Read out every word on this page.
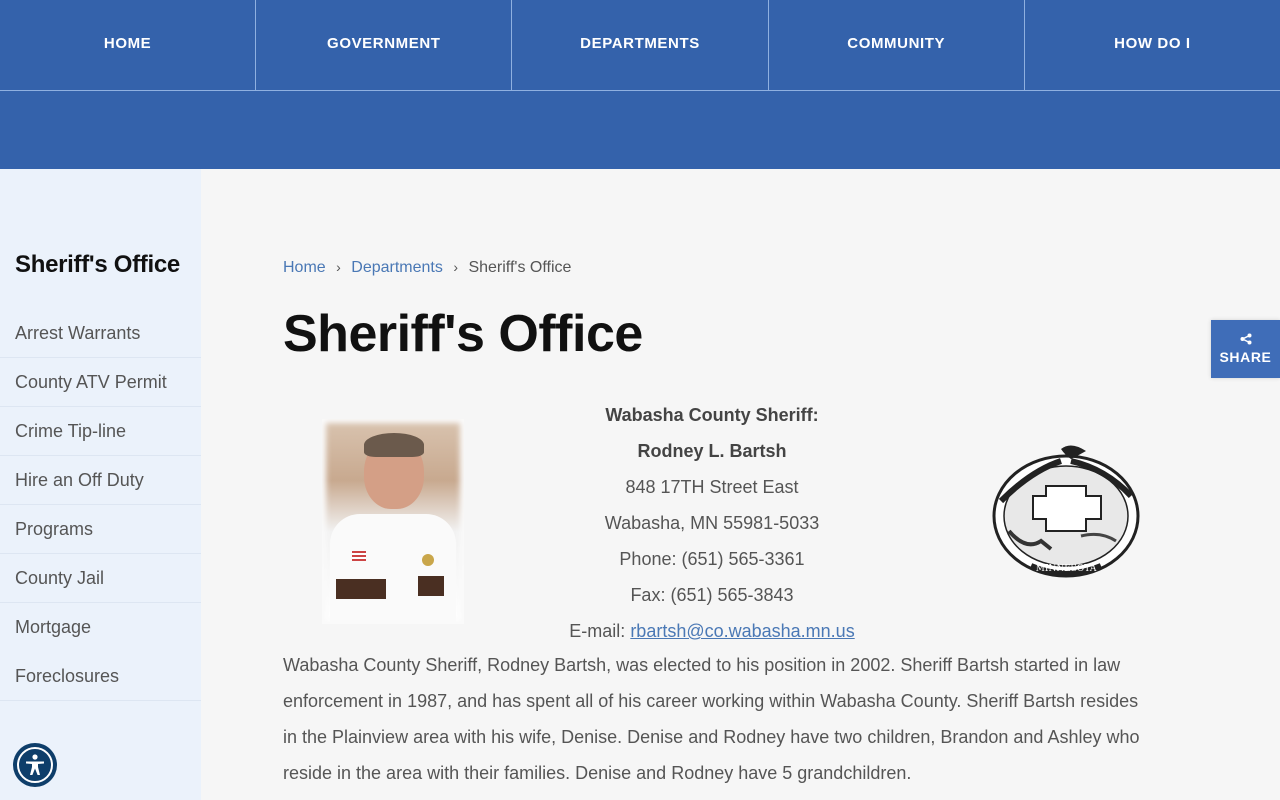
HOME	GOVERNMENT	DEPARTMENTS	COMMUNITY	HOW DO I
Sheriff's Office
Arrest Warrants
County ATV Permit
Crime Tip-line
Hire an Off Duty
Programs
County Jail
Mortgage
Foreclosures
Home › Departments › Sheriff's Office
Sheriff's Office
Wabasha County Sheriff:
Rodney L. Bartsh
848 17TH Street East
Wabasha, MN 55981-5033
Phone: (651) 565-3361
Fax: (651) 565-3843
E-mail: rbartsh@co.wabasha.mn.us
MINNESOTA

Wabasha County Sheriff, Rodney Bartsh, was elected to his position in 2002. Sheriff Bartsh started in law enforcement in 1987, and has spent all of his career working within Wabasha County. Sheriff Bartsh resides in the Plainview area with his wife, Denise. Denise and Rodney have two children, Brandon and Ashley who reside in the area with their families. Denise and Rodney have 5 grandchildren.

SHARE
